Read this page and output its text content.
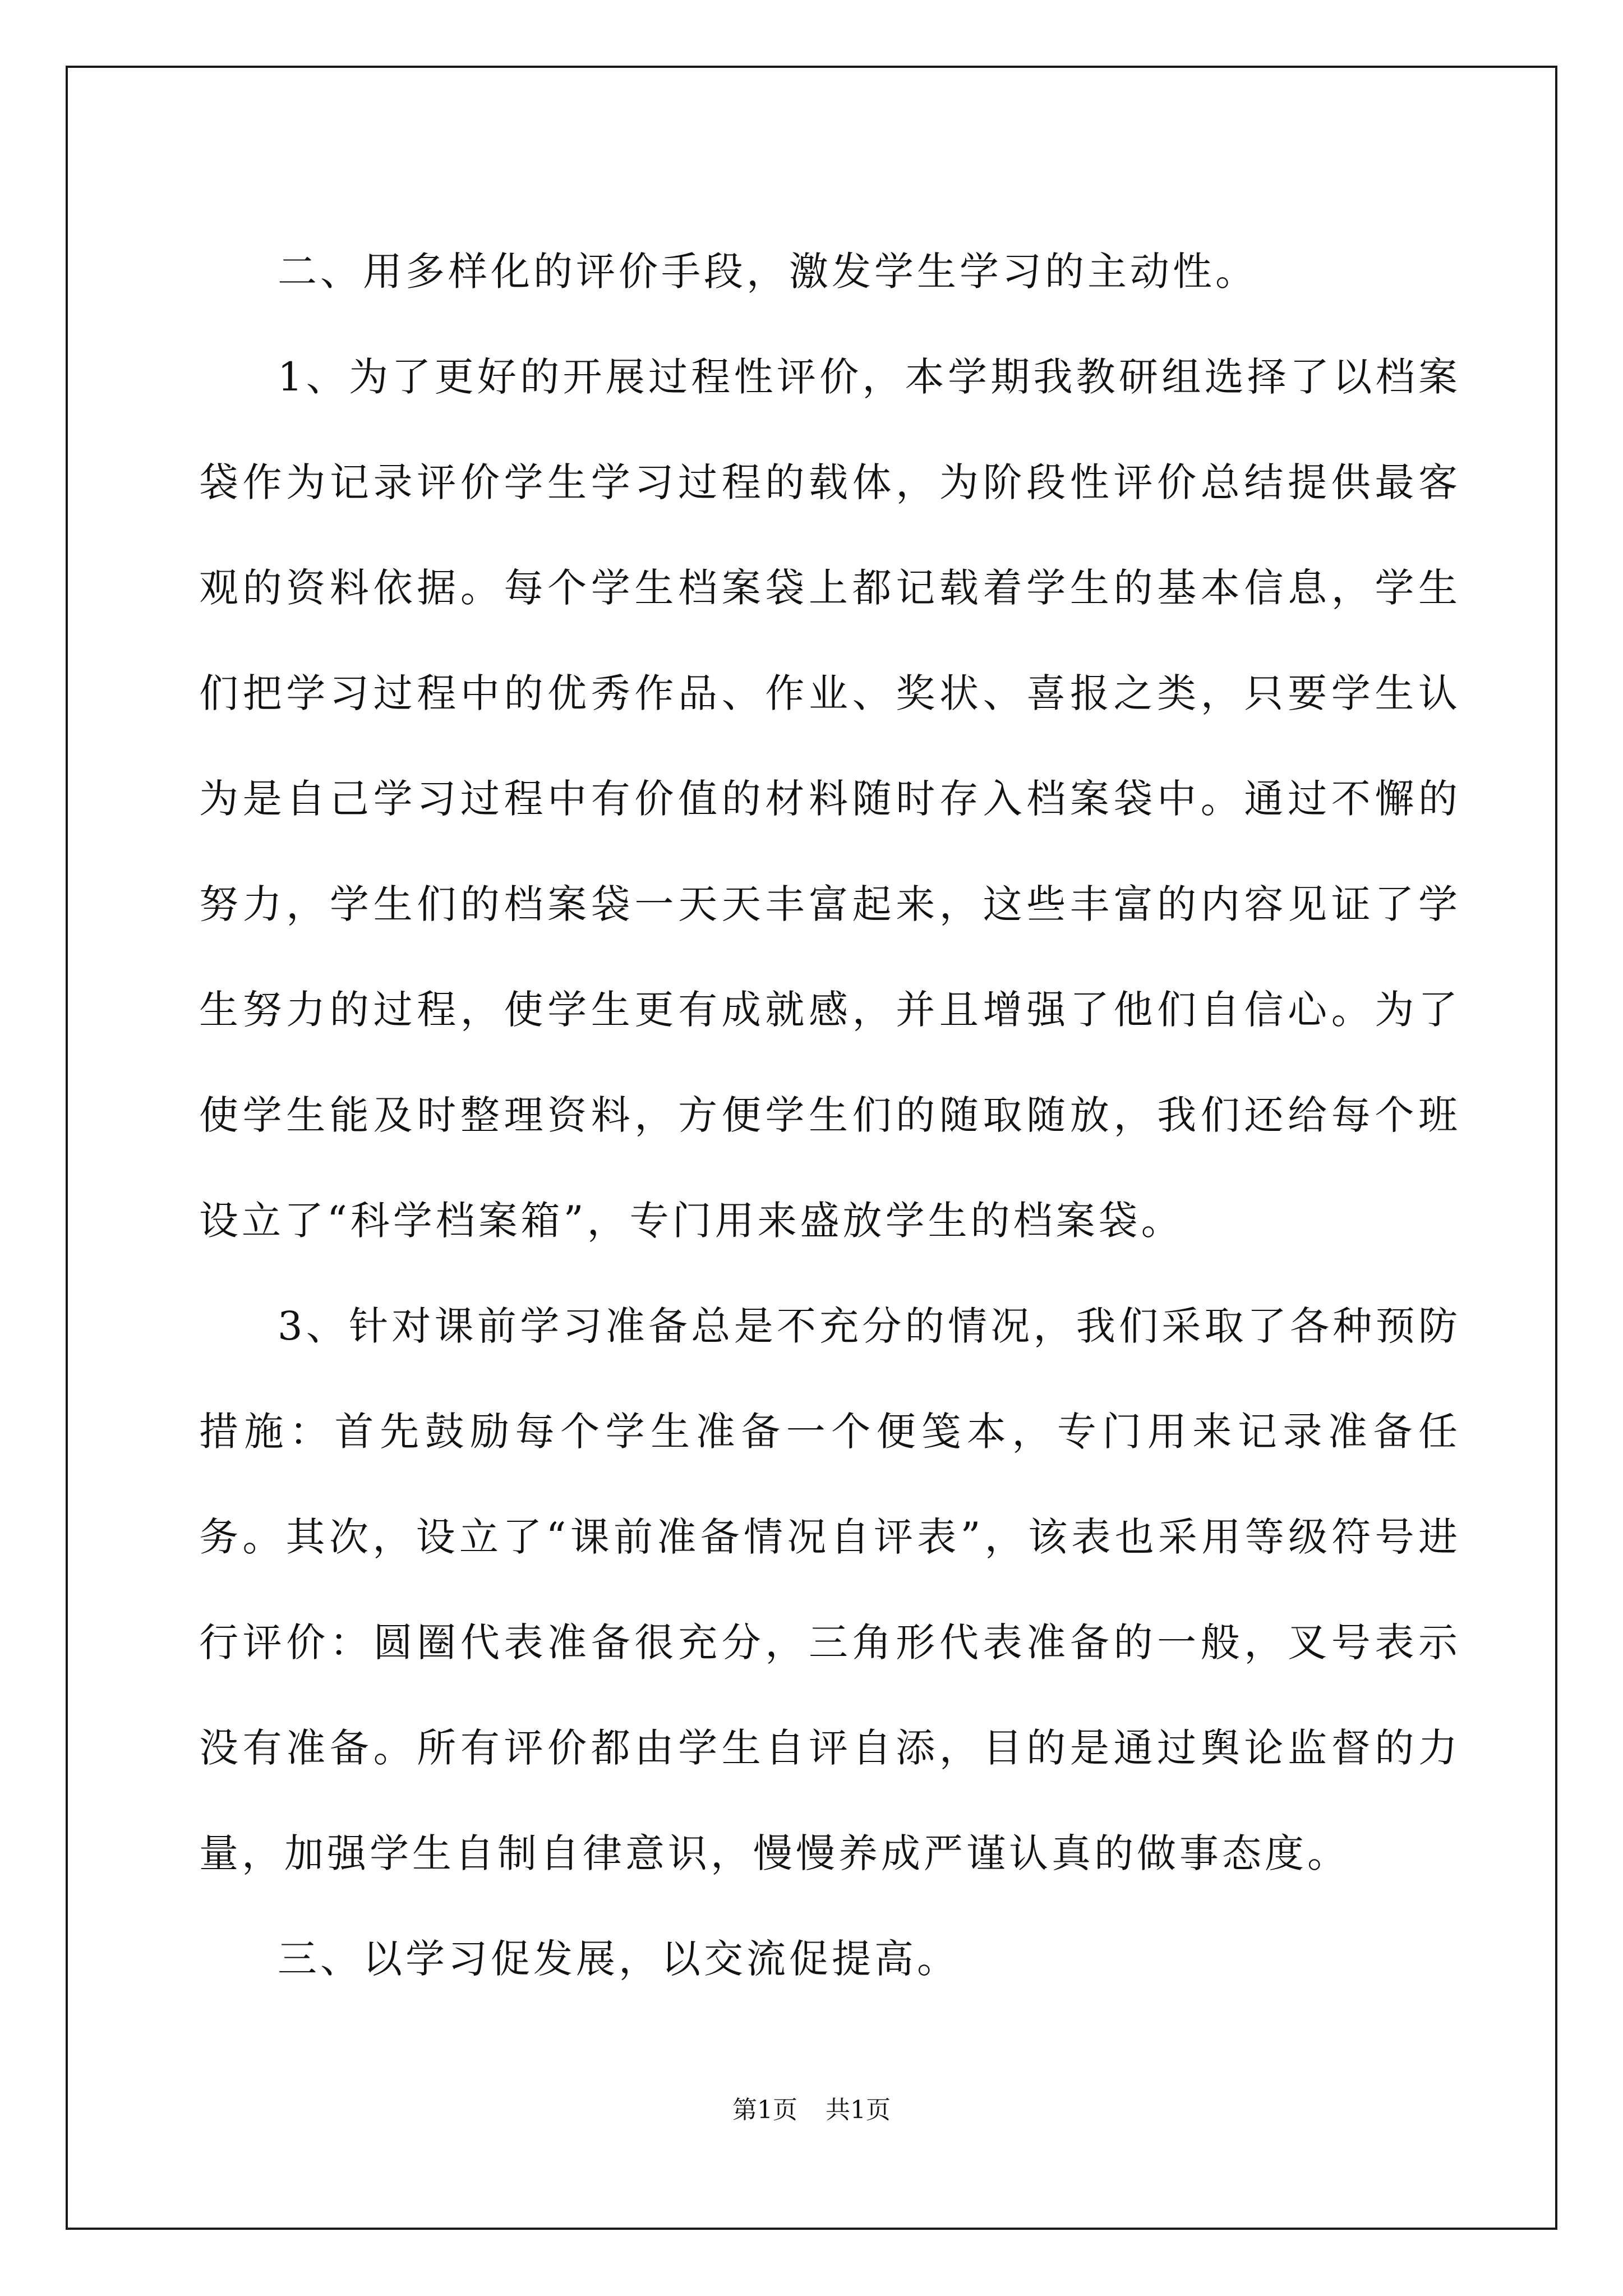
二、用多样化的评价手段，激发学生学习的主动性。

1、为了更好的开展过程性评价，本学期我教研组选择了以档案袋作为记录评价学生学习过程的载体，为阶段性评价总结提供最客观的资料依据。每个学生档案袋上都记载着学生的基本信息，学生们把学习过程中的优秀作品、作业、奖状、喜报之类，只要学生认为是自己学习过程中有价值的材料随时存入档案袋中。通过不懈的努力，学生们的档案袋一天天丰富起来，这些丰富的内容见证了学生努力的过程，使学生更有成就感，并且增强了他们自信心。为了使学生能及时整理资料，方便学生们的随取随放，我们还给每个班设立了“科学档案箱”，专门用来盛放学生的档案袋。

3、针对课前学习准备总是不充分的情况，我们采取了各种预防措施：首先鼓励每个学生准备一个便笺本，专门用来记录准备任务。其次，设立了“课前准备情况自评表”，该表也采用等级符号进行评价：圆圈代表准备很充分，三角形代表准备的一般，叉号表示没有准备。所有评价都由学生自评自添，目的是通过舆论监督的力量，加强学生自制自律意识，慢慢养成严谨认真的做事态度。

三、以学习促发展，以交流促提高。

第1页 共1页
